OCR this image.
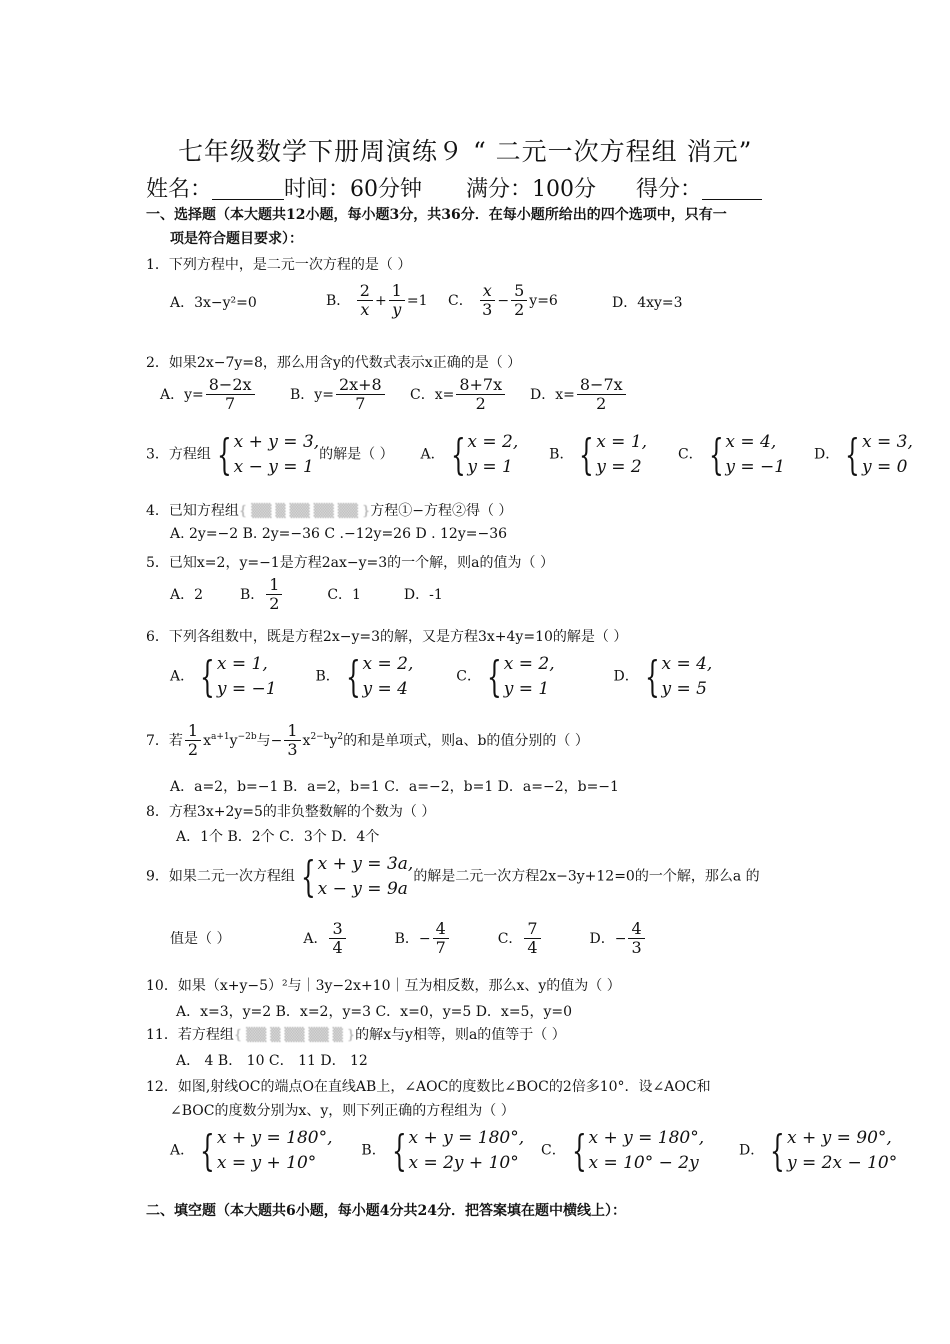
七年级数学下册周演练９ “ 二元一次方程组 消元”
姓名：	时间：60分钟 满分：100分 得分：
一、选择题（本大题共12小题，每小题3分，共36分．在每小题所给出的四个选项中，只有一
项是符合题目要求）：
1．下列方程中，是二元一次方程的是（ ）
A．3x−y²=0	B． $\frac{2}{x} + \frac{1}{y} =1$ C． $\frac{x}{3} - \frac{5}{2} y=6$	D．4xy=3
2．如果2x−7y=8，那么用含y的代数式表示x正确的是（ ）
A．$y= \frac{8-2x}{7}$	B．$y= \frac{2x+8}{7}$ C．$x= \frac{8+7x}{2}$ D．$x= \frac{8-7x}{2}$
3．方程组 { x + y = 3,
x − y = 1
的解是（ ） A． { x = 2,
y = 1
B． { x = 1,
y = 2
C． { x = 4,
y = −1
D． { x = 3,
y = 0
4．已知方程组{ ▒▒ ▒ ▒▒ ▒▒ ▒▒ }方程①−方程②得（ ）
A. 2y=−2 B. 2y=−36 C .−12y=26 D . 12y=−36
5．已知x=2，y=−1是方程2ax−y=3的一个解，则a的值为（ ）
A．2	B． $\frac{1}{2}$	C．1	D．-1
6．下列各组数中，既是方程2x−y=3的解，又是方程3x+4y=10的解是（ ）
A． { x = 1,
y = −1
B． { x = 2,
y = 4
C． { x = 2,
y = 1
D． { x = 4,
y = 5
7．若 $\frac{1}{2} x^{a+1}y^{-2b}$与− $\frac{1}{3} x^{2-b}y^2$的和是单项式，则a、b的值分别的（ ）
A．a=2，b=−1 B．a=2，b=1 C．a=−2，b=1 D．a=−2，b=−1
8．方程3x+2y=5的非负整数解的个数为（ ）
A．1个 B．2个 C．3个 D．4个
9．如果二元一次方程组 { x + y = 3a,
x − y = 9a
的解是二元一次方程2x−3y+12=0的一个解，那么a 的
值是（ ）	A． $\frac{3}{4}$	B．− $\frac{4}{7}$	C． $\frac{7}{4}$	D．− $\frac{4}{3}$
10．如果（x+y−5）²与｜3y−2x+10｜互为相反数，那么x、y的值为（ ）
A．x=3，y=2 B．x=2，y=3 C．x=0，y=5 D．x=5，y=0
11．若方程组{ ▒▒ ▒ ▒▒ ▒▒ ▒ }的解x与y相等，则a的值等于（ ）
A． 4 B． 10 C． 11 D． 12
12．如图,射线OC的端点O在直线AB上，∠AOC的度数比∠BOC的2倍多10°．设∠AOC和
∠BOC的度数分别为x、y，则下列正确的方程组为（ ）
A． { x + y = 180°,
x = y + 10°
B． { x + y = 180°,
x = 2y + 10°
C． { x + y = 180°,
x = 10° − 2y
D． { x + y = 90°,
y = 2x − 10°
二、填空题（本大题共6小题，每小题4分共24分．把答案填在题中横线上）：
